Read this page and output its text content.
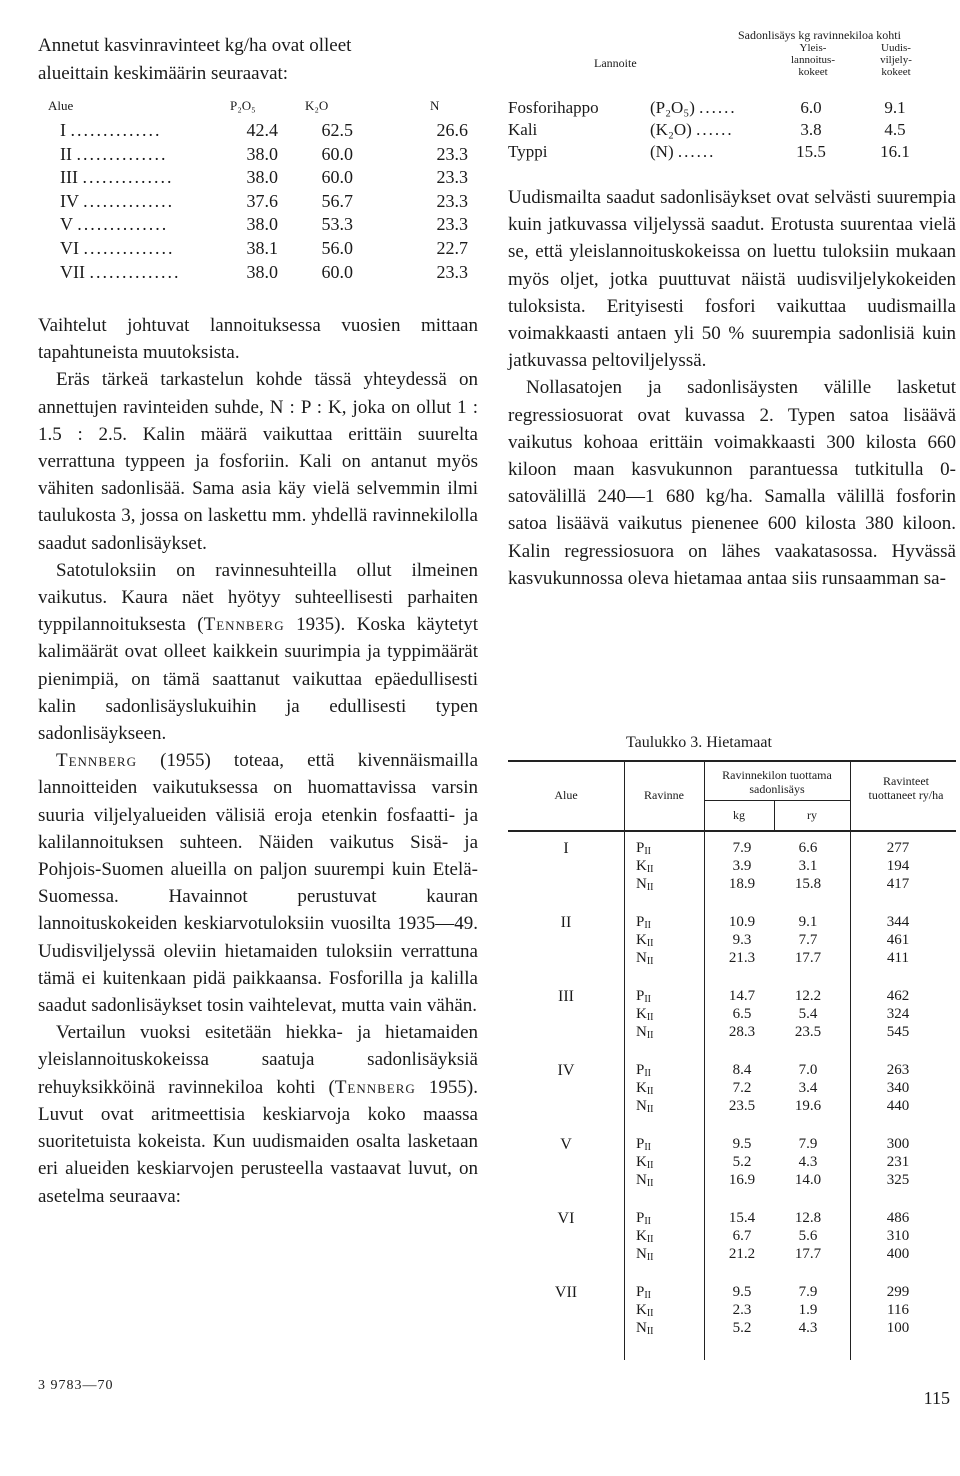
Annetut kasvinravinteet kg/ha ovat olleet
alueittain keskimäärin seuraavat:
Alue	P₂O₅	K₂O	N
I ..............	42.4	62.5	26.6
II ..............	38.0	60.0	23.3
III ..............	38.0	60.0	23.3
IV ..............	37.6	56.7	23.3
V ..............	38.0	53.3	23.3
VI ..............	38.1	56.0	22.7
VII ..............	38.0	60.0	23.3

Vaihtelut johtuvat lannoituksessa vuosien mittaan tapahtuneista muutoksista.

Eräs tärkeä tarkastelun kohde tässä yhteydessä on annettujen ravinteiden suhde, N : P : K, joka on ollut 1 : 1.5 : 2.5. Kalin määrä vaikuttaa erittäin suurelta verrattuna typpeen ja fosforiin. Kali on antanut myös vähiten sadonlisää. Sama asia käy vielä selvemmin ilmi taulukosta 3, jossa on laskettu mm. yhdellä ravinnekilolla saadut sadonlisäykset.

Satotuloksiin on ravinnesuhteilla ollut ilmeinen vaikutus. Kaura näet hyötyy suhteellisesti parhaiten typpilannoituksesta (Tennberg 1935). Koska käytetyt kalimäärät ovat olleet kaikkein suurimpia ja typpimäärät pienimpiä, on tämä saattanut vaikuttaa epäedullisesti kalin sadonlisäyslukuihin ja edullisesti typen sadonlisäykseen.

Tennberg (1955) toteaa, että kivennäismailla lannoitteiden vaikutuksessa on huomattavissa varsin suuria viljelyalueiden välisiä eroja etenkin fosfaatti- ja kalilannoituksen suhteen. Näiden vaikutus Sisä- ja Pohjois-Suomen alueilla on paljon suurempi kuin Etelä-Suomessa. Havainnot perustuvat kauran lannoituskokeiden keskiarvotuloksiin vuosilta 1935—49. Uudisviljelyssä oleviin hietamaiden tuloksiin verrattuna tämä ei kuitenkaan pidä paikkaansa. Fosforilla ja kalilla saadut sadonlisäykset tosin vaihtelevat, mutta vain vähän.

Vertailun vuoksi esitetään hiekka- ja hietamaiden yleislannoituskokeissa saatuja sadonlisäyksiä rehuyksikköinä ravinnekiloa kohti (Tennberg 1955). Luvut ovat aritmeettisia keskiarvoja koko maassa suoritetuista kokeista. Kun uudismaiden osalta lasketaan eri alueiden keskiarvojen perusteella vastaavat luvut, on asetelma seuraava:

3 9783—70
Sadonlisäys kg ravinnekiloa kohti
Lannoite
Yleis-
lannoitus-
kokeet
Uudis-
viljely-
kokeet
Fosforihappo	(P₂O₅) ......	6.0	9.1
Kali	(K₂O) ......	3.8	4.5
Typpi	(N) ......	15.5	16.1

Uudismailta saadut sadonlisäykset ovat selvästi suurempia kuin jatkuvassa viljelyssä saadut. Erotusta suurentaa vielä se, että yleislannoituskokeissa on luettu tuloksiin mukaan myös oljet, jotka puuttuvat näistä uudisviljelykokeiden tuloksista. Erityisesti fosfori vaikuttaa uudismailla voimakkaasti antaen yli 50 % suurempia sadonlisiä kuin jatkuvassa peltoviljelyssä.

Nollasatojen ja sadonlisäysten välille lasketut regressiosuorat ovat kuvassa 2. Typen satoa lisäävä vaikutus kohoaa erittäin voimakkaasti 300 kilosta 660 kiloon maan kasvukunnon parantuessa tutkitulla 0-satovälillä 240—1 680 kg/ha. Samalla välillä fosforin satoa lisäävä vaikutus pienenee 600 kilosta 380 kiloon. Kalin regressiosuora on lähes vaakatasossa. Hyvässä kasvukunnossa oleva hietamaa antaa siis runsaamman sa-

Taulukko 3. Hietamaat
Alue	Ravinne
Ravinnekilon tuottama sadonlisäys
kg	ry
Ravinteet tuottaneet ry/ha
I	$P_{II}$	7.9	6.6	277
$K_{II}$	3.9	3.1	194
$N_{II}$	18.9	15.8	417
II	$P_{II}$	10.9	9.1	344
$K_{II}$	9.3	7.7	461
$N_{II}$	21.3	17.7	411
III	$P_{II}$	14.7	12.2	462
$K_{II}$	6.5	5.4	324
$N_{II}$	28.3	23.5	545
IV	$P_{II}$	8.4	7.0	263
$K_{II}$	7.2	3.4	340
$N_{II}$	23.5	19.6	440
V	$P_{II}$	9.5	7.9	300
$K_{II}$	5.2	4.3	231
$N_{II}$	16.9	14.0	325
VI	$P_{II}$	15.4	12.8	486
$K_{II}$	6.7	5.6	310
$N_{II}$	21.2	17.7	400
VII	$P_{II}$	9.5	7.9	299
$K_{II}$	2.3	1.9	116
$N_{II}$	5.2	4.3	100
115
